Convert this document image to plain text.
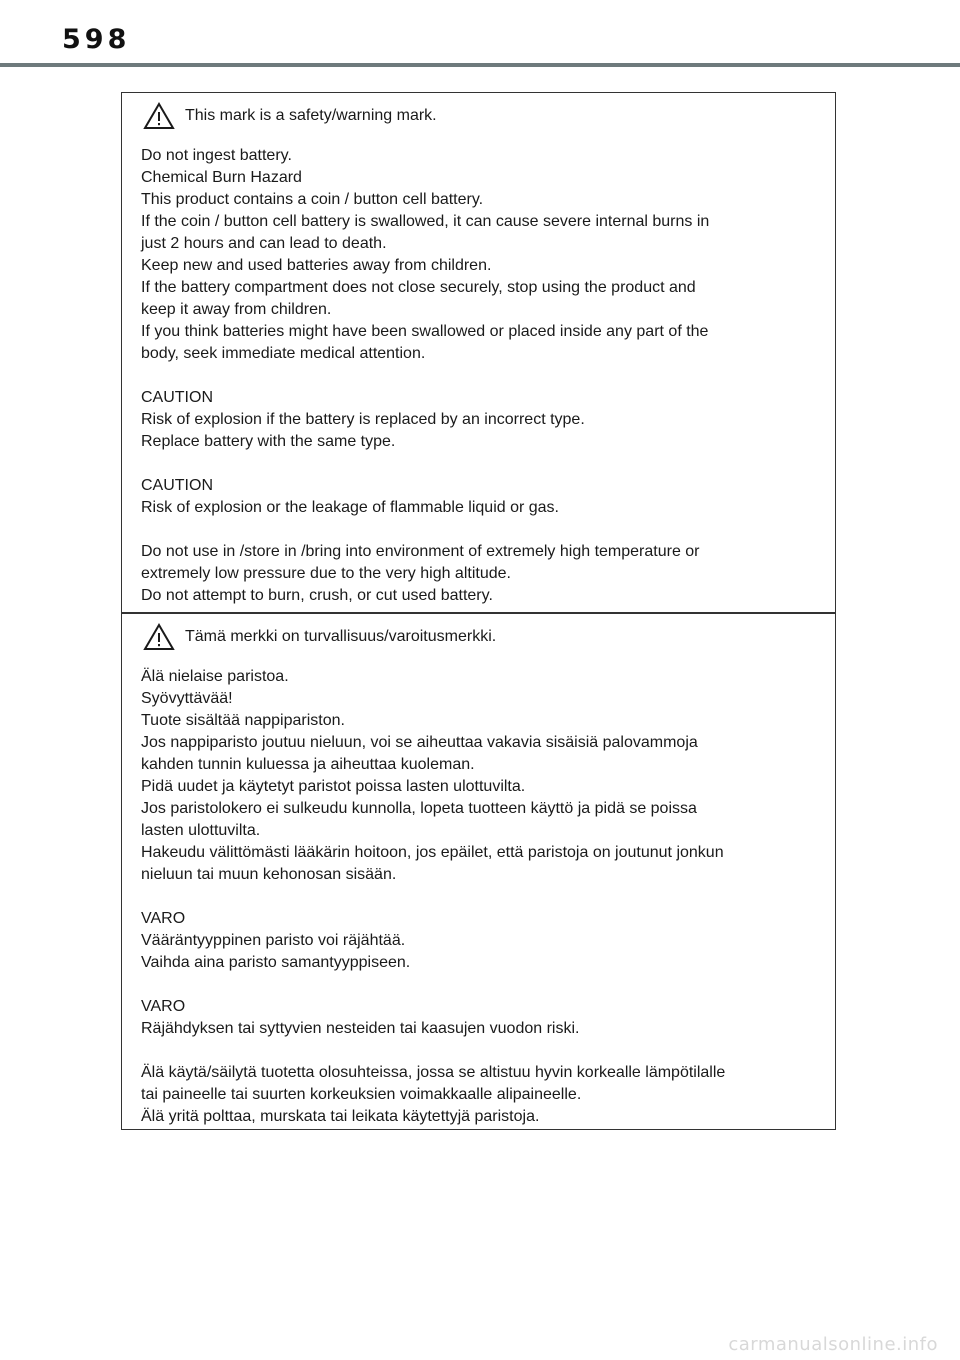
598
This mark is a safety/warning mark.

Do not ingest battery.
Chemical Burn Hazard
This product contains a coin / button cell battery.
If the coin / button cell battery is swallowed, it can cause severe internal burns in
just 2 hours and can lead to death.
Keep new and used batteries away from children.
If the battery compartment does not close securely, stop using the product and
keep it away from children.
If you think batteries might have been swallowed or placed inside any part of the
body, seek immediate medical attention.

CAUTION
Risk of explosion if the battery is replaced by an incorrect type.
Replace battery with the same type.

CAUTION
Risk of explosion or the leakage of flammable liquid or gas.

Do not use in /store in /bring into environment of extremely high temperature or
extremely low pressure due to the very high altitude.
Do not attempt to burn, crush, or cut used battery.

Tämä merkki on turvallisuus/varoitusmerkki.

Älä nielaise paristoa.
Syövyttävää!
Tuote sisältää nappipariston.
Jos nappiparisto joutuu nieluun, voi se aiheuttaa vakavia sisäisiä palovammoja
kahden tunnin kuluessa ja aiheuttaa kuoleman.
Pidä uudet ja käytetyt paristot poissa lasten ulottuvilta.
Jos paristolokero ei sulkeudu kunnolla, lopeta tuotteen käyttö ja pidä se poissa
lasten ulottuvilta.
Hakeudu välittömästi lääkärin hoitoon, jos epäilet, että paristoja on joutunut jonkun
nieluun tai muun kehonosan sisään.

VARO
Vääräntyyppinen paristo voi räjähtää.
Vaihda aina paristo samantyyppiseen.

VARO
Räjähdyksen tai syttyvien nesteiden tai kaasujen vuodon riski.

Älä käytä/säilytä tuotetta olosuhteissa, jossa se altistuu hyvin korkealle lämpötilalle
tai paineelle tai suurten korkeuksien voimakkaalle alipaineelle.
Älä yritä polttaa, murskata tai leikata käytettyjä paristoja.

carmanualsonline.info
